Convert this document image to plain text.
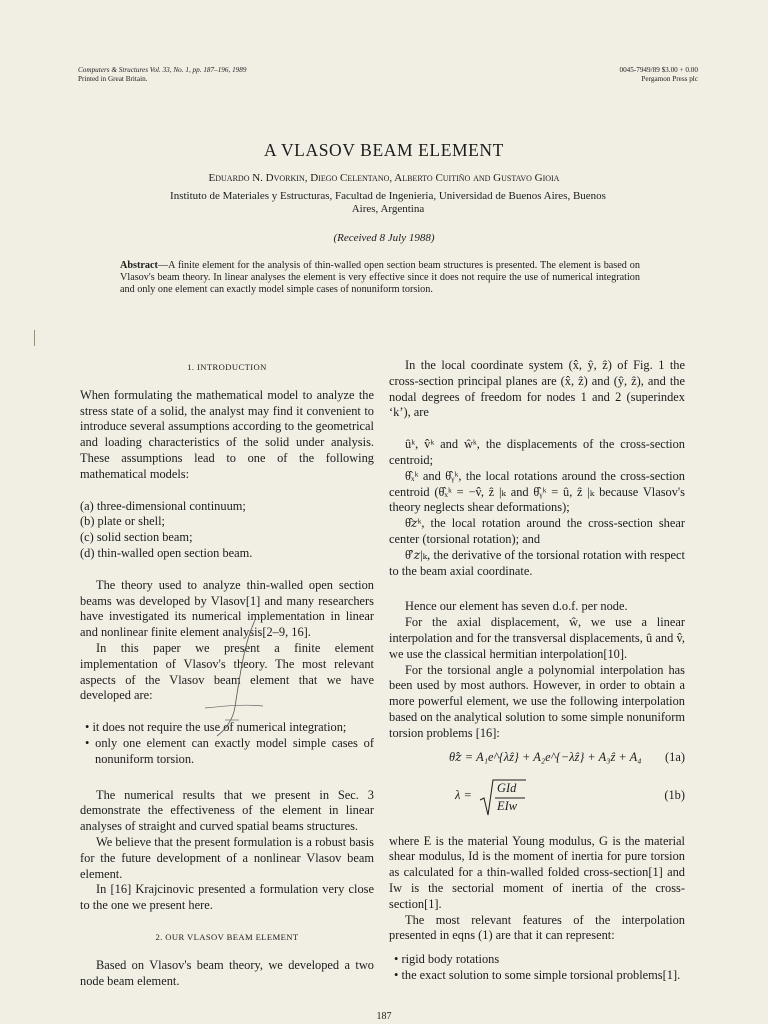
Computers & Structures Vol. 33, No. 1, pp. 187–196, 1989
Printed in Great Britain.
0045-7949/89 $3.00 + 0.00
Pergamon Press plc
A VLASOV BEAM ELEMENT
Eduardo N. Dvorkin, Diego Celentano, Alberto Cuitiño and Gustavo Gioia
Instituto de Materiales y Estructuras, Facultad de Ingenieria, Universidad de Buenos Aires, Buenos Aires, Argentina
(Received 8 July 1988)
Abstract—A finite element for the analysis of thin-walled open section beam structures is presented. The element is based on Vlasov's beam theory. In linear analyses the element is very effective since it does not require the use of numerical integration and only one element can exactly model simple cases of nonuniform torsion.

1. INTRODUCTION

When formulating the mathematical model to analyze the stress state of a solid, the analyst may find it convenient to introduce several assumptions according to the geometrical and loading characteristics of the solid under analysis. These assumptions lead to one of the following mathematical models:

(a) three-dimensional continuum;
(b) plate or shell;
(c) solid section beam;
(d) thin-walled open section beam.

The theory used to analyze thin-walled open section beams was developed by Vlasov[1] and many researchers have investigated its numerical implementation in linear and nonlinear finite element analysis[2–9, 16].

In this paper we present a finite element implementation of Vlasov's theory. The most relevant aspects of the Vlasov beam element that we have developed are:

• it does not require the use of numerical integration;
• only one element can exactly model simple cases of nonuniform torsion.

The numerical results that we present in Sec. 3 demonstrate the effectiveness of the element in linear analyses of straight and curved spatial beams structures.

We believe that the present formulation is a robust basis for the future development of a nonlinear Vlasov beam element.

In [16] Krajcinovic presented a formulation very close to the one we present here.

2. OUR VLASOV BEAM ELEMENT

Based on Vlasov's beam theory, we developed a two node beam element.

In the local coordinate system (x̂, ŷ, ẑ) of Fig. 1 the cross-section principal planes are (x̂, ẑ) and (ŷ, ẑ), and the nodal degrees of freedom for nodes 1 and 2 (superindex ‘k’), are

ûᵏ, v̂ᵏ and ŵᵏ, the displacements of the cross-section centroid;

θ̂ₓᵏ and θ̂ᵧᵏ, the local rotations around the cross-section centroid (θ̂ₓᵏ = −v̂, ẑ |ₖ and θ̂ᵧᵏ = û, ẑ |ₖ because Vlasov's theory neglects shear deformations);

θ̂𝑧ᵏ, the local rotation around the cross-section shear center (torsional rotation); and

θ̂′𝑧|ₖ, the derivative of the torsional rotation with respect to the beam axial coordinate.

Hence our element has seven d.o.f. per node.

For the axial displacement, ŵ, we use a linear interpolation and for the transversal displacements, û and v̂, we use the classical hermitian interpolation[10].

For the torsional angle a polynomial interpolation has been used by most authors. However, in order to obtain a more powerful element, we use the following interpolation based on the analytical solution to some simple nonuniform torsion problems [16]:

θ̂𝑧 = A₁e^{λẑ} + A₂e^{−λẑ} + A₃ẑ + A₄ (1a)
λ = GId
EIw
(1b)

where E is the material Young modulus, G is the material shear modulus, Id is the moment of inertia for pure torsion as calculated for a thin-walled folded cross-section[1] and Iw is the sectorial moment of inertia of the cross-section[1].

The most relevant features of the interpolation presented in eqns (1) are that it can represent:

• rigid body rotations
• the exact solution to some simple torsional problems[1].
187
